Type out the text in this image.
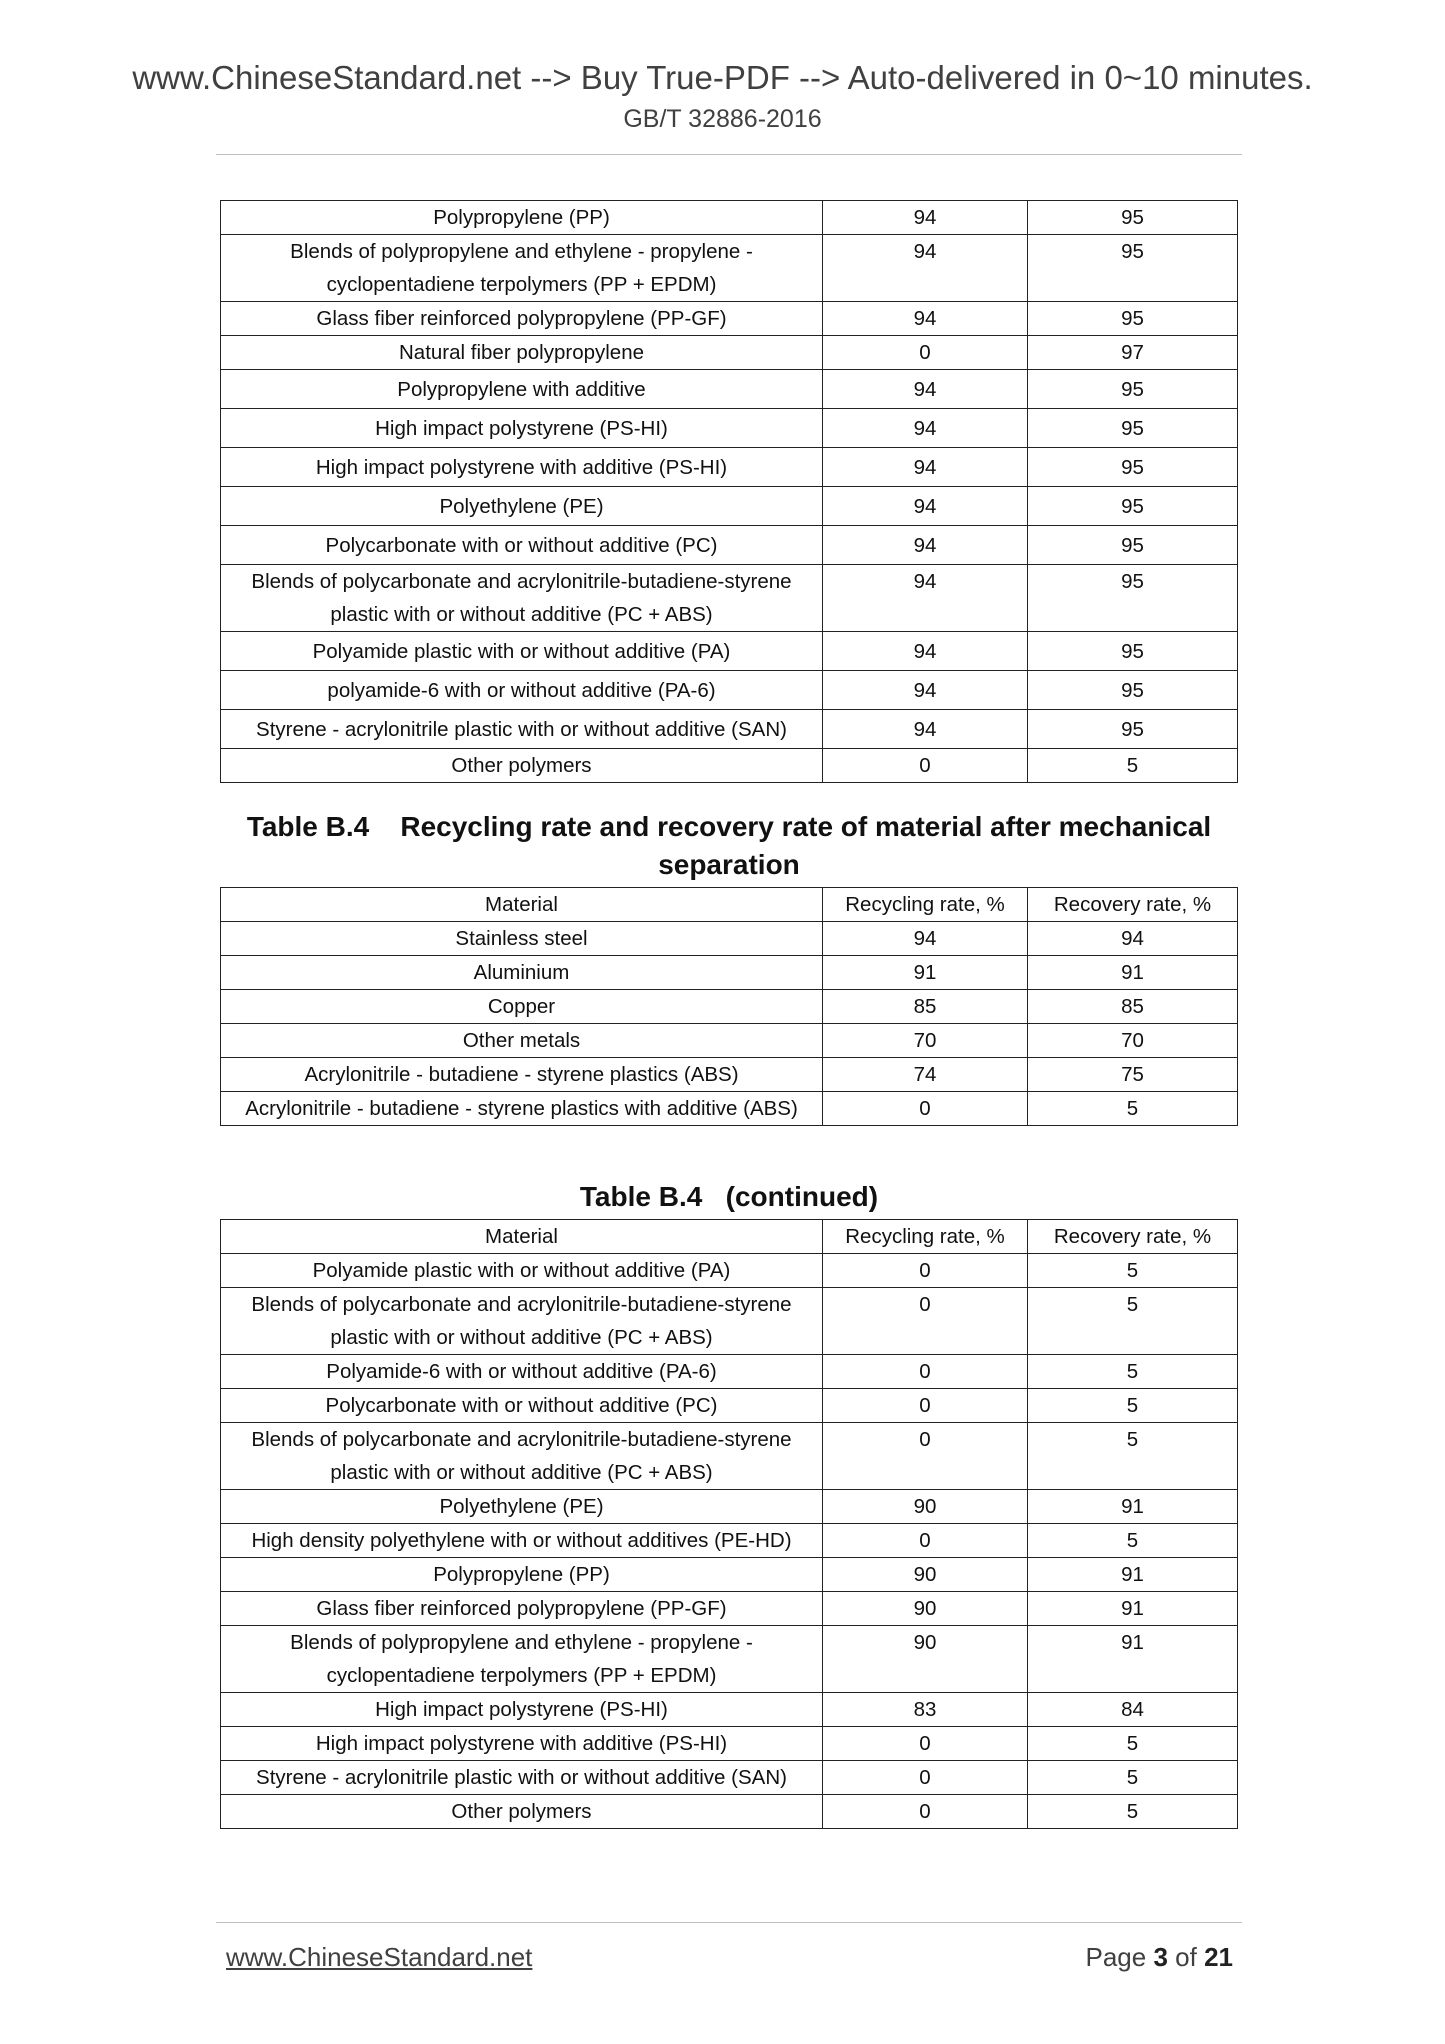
www.ChineseStandard.net --> Buy True-PDF --> Auto-delivered in 0~10 minutes.
GB/T 32886-2016
Polypropylene (PP)	94	95
Blends of polypropylene and ethylene - propylene - cyclopentadiene terpolymers (PP + EPDM)	94	95
Glass fiber reinforced polypropylene (PP-GF)	94	95
Natural fiber polypropylene	0	97
Polypropylene with additive	94	95
High impact polystyrene (PS-HI)	94	95
High impact polystyrene with additive (PS-HI)	94	95
Polyethylene (PE)	94	95
Polycarbonate with or without additive (PC)	94	95
Blends of polycarbonate and acrylonitrile-butadiene-styrene plastic with or without additive (PC + ABS)	94	95
Polyamide plastic with or without additive (PA)	94	95
polyamide-6 with or without additive (PA-6)	94	95
Styrene - acrylonitrile plastic with or without additive (SAN)	94	95
Other polymers	0	5
Table B.4 Recycling rate and recovery rate of material after mechanical separation
Material	Recycling rate, %	Recovery rate, %
Stainless steel	94	94
Aluminium	91	91
Copper	85	85
Other metals	70	70
Acrylonitrile - butadiene - styrene plastics (ABS)	74	75
Acrylonitrile - butadiene - styrene plastics with additive (ABS)	0	5
Table B.4 (continued)
Material	Recycling rate, %	Recovery rate, %
Polyamide plastic with or without additive (PA)	0	5
Blends of polycarbonate and acrylonitrile-butadiene-styrene plastic with or without additive (PC + ABS)	0	5
Polyamide-6 with or without additive (PA-6)	0	5
Polycarbonate with or without additive (PC)	0	5
Blends of polycarbonate and acrylonitrile-butadiene-styrene plastic with or without additive (PC + ABS)	0	5
Polyethylene (PE)	90	91
High density polyethylene with or without additives (PE-HD)	0	5
Polypropylene (PP)	90	91
Glass fiber reinforced polypropylene (PP-GF)	90	91
Blends of polypropylene and ethylene - propylene - cyclopentadiene terpolymers (PP + EPDM)	90	91
High impact polystyrene (PS-HI)	83	84
High impact polystyrene with additive (PS-HI)	0	5
Styrene - acrylonitrile plastic with or without additive (SAN)	0	5
Other polymers	0	5
www.ChineseStandard.net	Page 3 of 21
